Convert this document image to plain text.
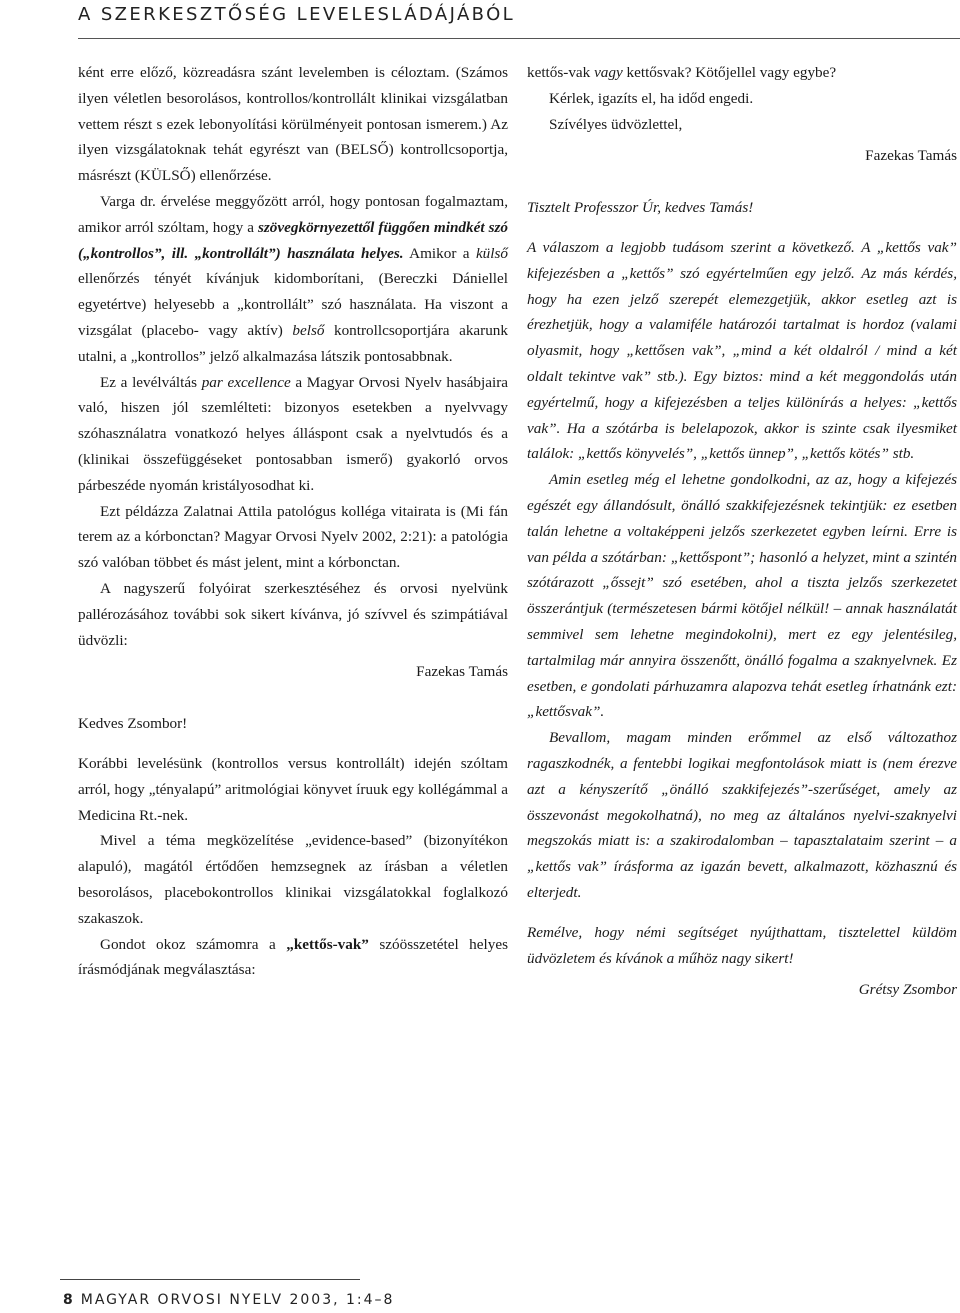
A SZERKESZTŐSÉG LEVELESLÁDÁJÁBÓL

ként erre előző, közreadásra szánt levelemben is céloztam. (Számos ilyen véletlen besorolásos, kontrollos/kontrollált klinikai vizsgálatban vettem részt s ezek lebonyolítási körülményeit pontosan ismerem.) Az ilyen vizsgálatoknak tehát egyrészt van (BELSŐ) kontrollcsoportja, másrészt (KÜLSŐ) ellenőrzése.

Varga dr. érvelése meggyőzött arról, hogy pontosan fogalmaztam, amikor arról szóltam, hogy a szövegkörnyezettől függően mindkét szó („kontrollos”, ill. „kontrollált”) használata helyes. Amikor a külső ellenőrzés tényét kívánjuk kidomborítani, (Bereczki Dániellel egyetértve) helyesebb a „kontrollált” szó használata. Ha viszont a vizsgálat (placebo- vagy aktív) belső kontrollcsoportjára akarunk utalni, a „kontrollos” jelző alkalmazása látszik pontosabbnak.

Ez a levélváltás par excellence a Magyar Orvosi Nyelv hasábjaira való, hiszen jól szemlélteti: bizonyos esetekben a nyelvvagy szóhasználatra vonatkozó helyes álláspont csak a nyelvtudós és a (klinikai összefüggéseket pontosabban ismerő) gyakorló orvos párbeszéde nyomán kristályosodhat ki.

Ezt példázza Zalatnai Attila patológus kolléga vitairata is (Mi fán terem az a kórbonctan? Magyar Orvosi Nyelv 2002, 2:21): a patológia szó valóban többet és mást jelent, mint a kórbonctan.

A nagyszerű folyóirat szerkesztéséhez és orvosi nyelvünk pallérozásához további sok sikert kívánva, jó szívvel és szimpátiával üdvözli:

Fazekas Tamás

Kedves Zsombor!

Korábbi levelésünk (kontrollos versus kontrollált) idején szóltam arról, hogy „tényalapú” aritmológiai könyvet íruuk egy kollégámmal a Medicina Rt.-nek.

Mivel a téma megközelítése „evidence-based” (bizonyítékon alapuló), magától értődően hemzsegnek az írásban a véletlen besorolásos, placebokontrollos klinikai vizsgálatokkal foglalkozó szakaszok.

Gondot okoz számomra a „kettős-vak” szóösszetétel helyes írásmódjának megválasztása:

kettős-vak vagy kettősvak? Kötőjellel vagy egybe?

Kérlek, igazíts el, ha időd engedi.

Szívélyes üdvözlettel,

Fazekas Tamás

Tisztelt Professzor Úr, kedves Tamás!

A válaszom a legjobb tudásom szerint a következő. A „kettős vak” kifejezésben a „kettős” szó egyértelműen egy jelző. Az más kérdés, hogy ha ezen jelző szerepét elemezgetjük, akkor esetleg azt is érezhetjük, hogy a valamiféle határozói tartalmat is hordoz (valami olyasmit, hogy „kettősen vak”, „mind a két oldalról / mind a két oldalt tekintve vak” stb.). Egy biztos: mind a két meggondolás után egyértelmű, hogy a kifejezésben a teljes különírás a helyes: „kettős vak”. Ha a szótárba is belelapozok, akkor is szinte csak ilyesmiket találok: „kettős könyvelés”, „kettős ünnep”, „kettős kötés” stb.

Amin esetleg még el lehetne gondolkodni, az az, hogy a kifejezés egészét egy állandósult, önálló szakkifejezésnek tekintjük: ez esetben talán lehetne a voltaképpeni jelzős szerkezetet egyben leírni. Erre is van példa a szótárban: „kettőspont”; hasonló a helyzet, mint a szintén szótárazott „őssejt” szó esetében, ahol a tiszta jelzős szerkezetet összerántjuk (természetesen bármi kötőjel nélkül! – annak használatát semmivel sem lehetne megindokolni), mert ez egy jelentésileg, tartalmilag már annyira összenőtt, önálló fogalma a szaknyelvnek. Ez esetben, e gondolati párhuzamra alapozva tehát esetleg írhatnánk ezt: „kettősvak”.

Bevallom, magam minden erőmmel az első változathoz ragaszkodnék, a fentebbi logikai megfontolások miatt is (nem érezve azt a kényszerítő „önálló szakkifejezés”-szerűséget, amely az összevonást megokolhatná), no meg az általános nyelvi-szaknyelvi megszokás miatt is: a szakirodalomban – tapasztalataim szerint – a „kettős vak” írásforma az igazán bevett, alkalmazott, közhasznú és elterjedt.

Remélve, hogy némi segítséget nyújthattam, tisztelettel küldöm üdvözletem és kívánok a műhöz nagy sikert!

Grétsy Zsombor

8 MAGYAR ORVOSI NYELV 2003, 1:4–8
